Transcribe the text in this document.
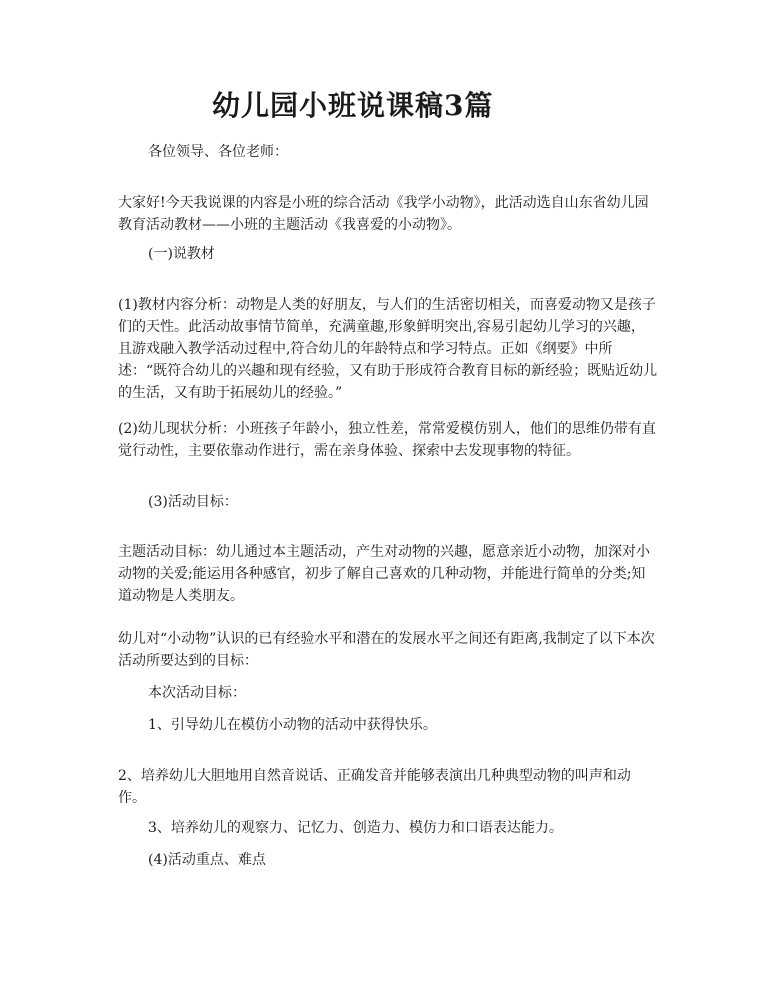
幼儿园小班说课稿3篇

各位领导、各位老师：

大家好!今天我说课的内容是小班的综合活动《我学小动物》，此活动选自山东省幼儿园教育活动教材——小班的主题活动《我喜爱的小动物》。

(一)说教材

(1)教材内容分析：动物是人类的好朋友，与人们的生活密切相关，而喜爱动物又是孩子们的天性。此活动故事情节简单，充满童趣,形象鲜明突出,容易引起幼儿学习的兴趣，且游戏融入教学活动过程中,符合幼儿的年龄特点和学习特点。正如《纲要》中所述：“既符合幼儿的兴趣和现有经验，又有助于形成符合教育目标的新经验；既贴近幼儿的生活，又有助于拓展幼儿的经验。”

(2)幼儿现状分析：小班孩子年龄小，独立性差，常常爱模仿别人，他们的思维仍带有直觉行动性，主要依靠动作进行，需在亲身体验、探索中去发现事物的特征。

(3)活动目标：

主题活动目标：幼儿通过本主题活动，产生对动物的兴趣，愿意亲近小动物，加深对小动物的关爱;能运用各种感官，初步了解自己喜欢的几种动物，并能进行简单的分类;知道动物是人类朋友。

幼儿对“小动物”认识的已有经验水平和潜在的发展水平之间还有距离,我制定了以下本次活动所要达到的目标：

本次活动目标：

1、引导幼儿在模仿小动物的活动中获得快乐。

2、培养幼儿大胆地用自然音说话、正确发音并能够表演出几种典型动物的叫声和动作。

3、培养幼儿的观察力、记忆力、创造力、模仿力和口语表达能力。

(4)活动重点、难点
